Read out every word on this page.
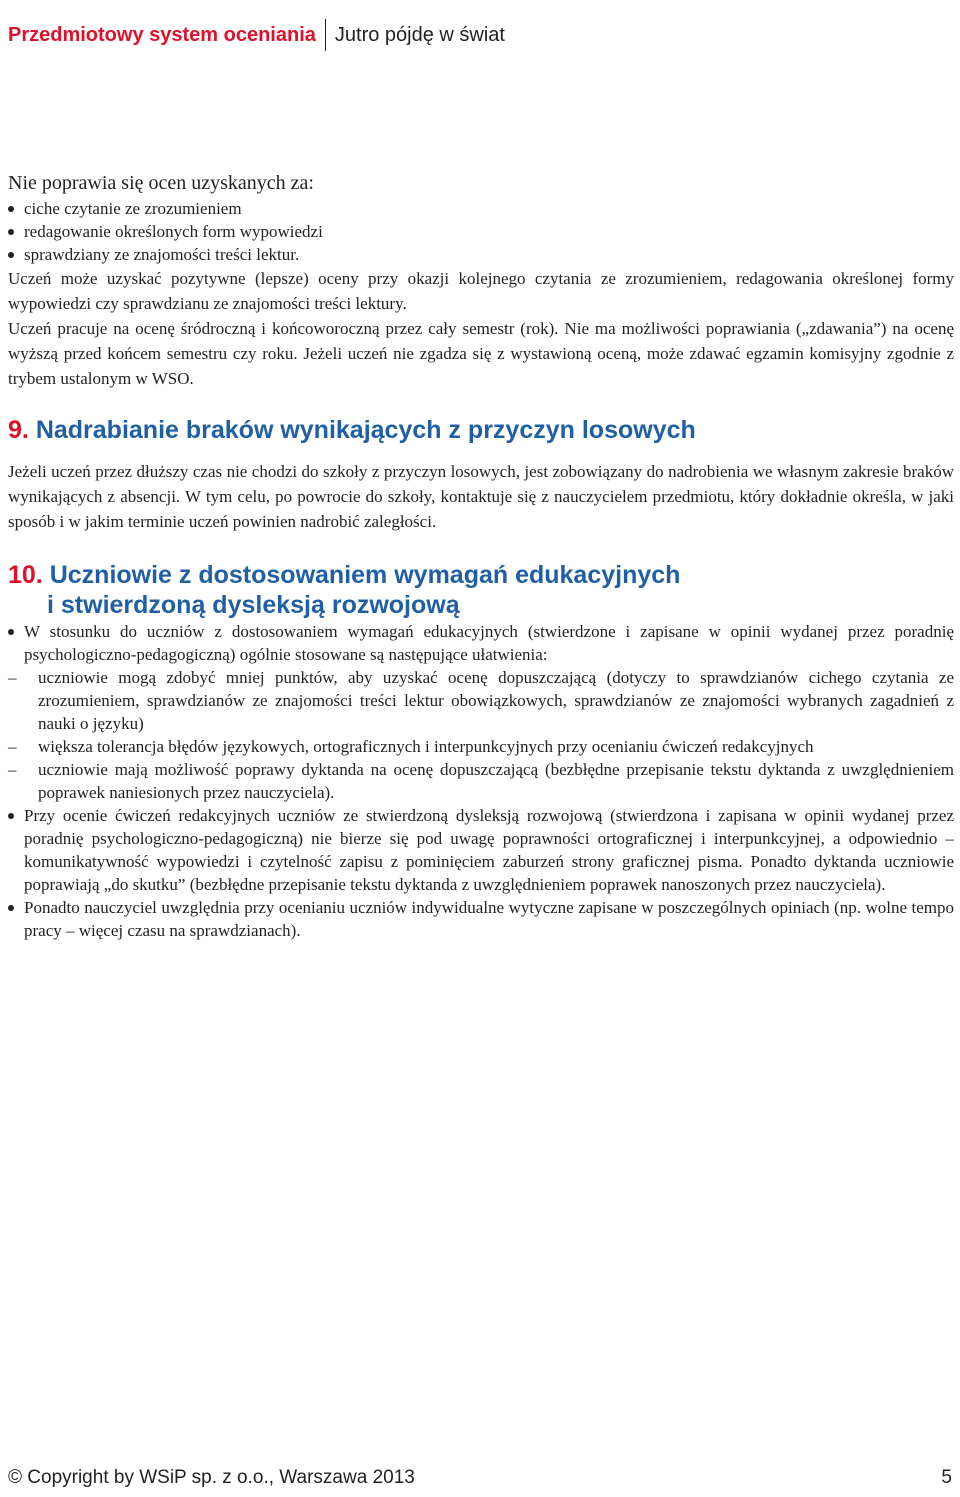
Przedmiotowy system oceniania Jutro pójdę w świat

Nie poprawia się ocen uzyskanych za:

ciche czytanie ze zrozumieniem
redagowanie określonych form wypowiedzi
sprawdziany ze znajomości treści lektur.

Uczeń może uzyskać pozytywne (lepsze) oceny przy okazji kolejnego czytania ze zrozumieniem, redagowania określonej formy wypowiedzi czy sprawdzianu ze znajomości treści lektury.

Uczeń pracuje na ocenę śródroczną i końcoworoczną przez cały semestr (rok). Nie ma możliwości poprawiania („zdawania”) na ocenę wyższą przed końcem semestru czy roku. Jeżeli uczeń nie zgadza się z wystawioną oceną, może zdawać egzamin komisyjny zgodnie z trybem ustalonym w WSO.

9. Nadrabianie braków wynikających z przyczyn losowych

Jeżeli uczeń przez dłuższy czas nie chodzi do szkoły z przyczyn losowych, jest zobowiązany do nadrobienia we własnym zakresie braków wynikających z absencji. W tym celu, po powrocie do szkoły, kontaktuje się z nauczycielem przedmiotu, który dokładnie określa, w jaki sposób i w jakim terminie uczeń powinien nadrobić zaległości.

10. Uczniowie z dostosowaniem wymagań edukacyjnych
i stwierdzoną dysleksją rozwojową
W stosunku do uczniów z dostosowaniem wymagań edukacyjnych (stwierdzone i zapisane w opinii wydanej przez poradnię psychologiczno-pedagogiczną) ogólnie stosowane są następujące ułatwienia:
– uczniowie mogą zdobyć mniej punktów, aby uzyskać ocenę dopuszczającą (dotyczy to sprawdzianów cichego czytania ze zrozumieniem, sprawdzianów ze znajomości treści lektur obowiązkowych, sprawdzianów ze znajomości wybranych zagadnień z nauki o języku)
– większa tolerancja błędów językowych, ortograficznych i interpunkcyjnych przy ocenianiu ćwiczeń redakcyjnych
– uczniowie mają możliwość poprawy dyktanda na ocenę dopuszczającą (bezbłędne przepisanie tekstu dyktanda z uwzględnieniem poprawek naniesionych przez nauczyciela).
Przy ocenie ćwiczeń redakcyjnych uczniów ze stwierdzoną dysleksją rozwojową (stwierdzona i zapisana w opinii wydanej przez poradnię psychologiczno-pedagogiczną) nie bierze się pod uwagę poprawności ortograficznej i interpunkcyjnej, a odpowiednio – komunikatywność wypowiedzi i czytelność zapisu z pominięciem zaburzeń strony graficznej pisma. Ponadto dyktanda uczniowie poprawiają „do skutku” (bezbłędne przepisanie tekstu dyktanda z uwzględnieniem poprawek nanoszonych przez nauczyciela).
Ponadto nauczyciel uwzględnia przy ocenianiu uczniów indywidualne wytyczne zapisane w poszczególnych opiniach (np. wolne tempo pracy – więcej czasu na sprawdzianach).
© Copyright by WSiP sp. z o.o., Warszawa 2013	5
